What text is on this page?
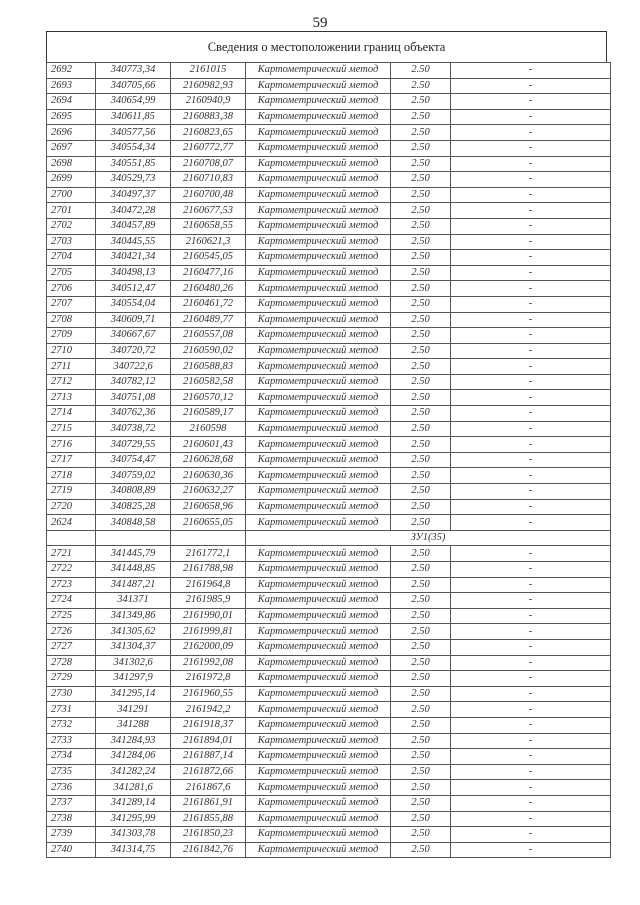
59
Сведения о местоположении границ объекта
2692	340773,34	2161015	Картометрический метод	2.50	-
2693	340705,66	2160982,93	Картометрический метод	2.50	-
2694	340654,99	2160940,9	Картометрический метод	2.50	-
2695	340611,85	2160883,38	Картометрический метод	2.50	-
2696	340577,56	2160823,65	Картометрический метод	2.50	-
2697	340554,34	2160772,77	Картометрический метод	2.50	-
2698	340551,85	2160708,07	Картометрический метод	2.50	-
2699	340529,73	2160710,83	Картометрический метод	2.50	-
2700	340497,37	2160700,48	Картометрический метод	2.50	-
2701	340472,28	2160677,53	Картометрический метод	2.50	-
2702	340457,89	2160658,55	Картометрический метод	2.50	-
2703	340445,55	2160621,3	Картометрический метод	2.50	-
2704	340421,34	2160545,05	Картометрический метод	2.50	-
2705	340498,13	2160477,16	Картометрический метод	2.50	-
2706	340512,47	2160480,26	Картометрический метод	2.50	-
2707	340554,04	2160461,72	Картометрический метод	2.50	-
2708	340609,71	2160489,77	Картометрический метод	2.50	-
2709	340667,67	2160557,08	Картометрический метод	2.50	-
2710	340720,72	2160590,02	Картометрический метод	2.50	-
2711	340722,6	2160588,83	Картометрический метод	2.50	-
2712	340782,12	2160582,58	Картометрический метод	2.50	-
2713	340751,08	2160570,12	Картометрический метод	2.50	-
2714	340762,36	2160589,17	Картометрический метод	2.50	-
2715	340738,72	2160598	Картометрический метод	2.50	-
2716	340729,55	2160601,43	Картометрический метод	2.50	-
2717	340754,47	2160628,68	Картометрический метод	2.50	-
2718	340759,02	2160630,36	Картометрический метод	2.50	-
2719	340808,89	2160632,27	Картометрический метод	2.50	-
2720	340825,28	2160658,96	Картометрический метод	2.50	-
2624	340848,58	2160655,05	Картометрический метод	2.50	-
			ЗУ1(35)		
2721	341445,79	2161772,1	Картометрический метод	2.50	-
2722	341448,85	2161788,98	Картометрический метод	2.50	-
2723	341487,21	2161964,8	Картометрический метод	2.50	-
2724	341371	2161985,9	Картометрический метод	2.50	-
2725	341349,86	2161990,01	Картометрический метод	2.50	-
2726	341305,62	2161999,81	Картометрический метод	2.50	-
2727	341304,37	2162000,09	Картометрический метод	2.50	-
2728	341302,6	2161992,08	Картометрический метод	2.50	-
2729	341297,9	2161972,8	Картометрический метод	2.50	-
2730	341295,14	2161960,55	Картометрический метод	2.50	-
2731	341291	2161942,2	Картометрический метод	2.50	-
2732	341288	2161918,37	Картометрический метод	2.50	-
2733	341284,93	2161894,01	Картометрический метод	2.50	-
2734	341284,06	2161887,14	Картометрический метод	2.50	-
2735	341282,24	2161872,66	Картометрический метод	2.50	-
2736	341281,6	2161867,6	Картометрический метод	2.50	-
2737	341289,14	2161861,91	Картометрический метод	2.50	-
2738	341295,99	2161855,88	Картометрический метод	2.50	-
2739	341303,78	2161850,23	Картометрический метод	2.50	-
2740	341314,75	2161842,76	Картометрический метод	2.50	-
